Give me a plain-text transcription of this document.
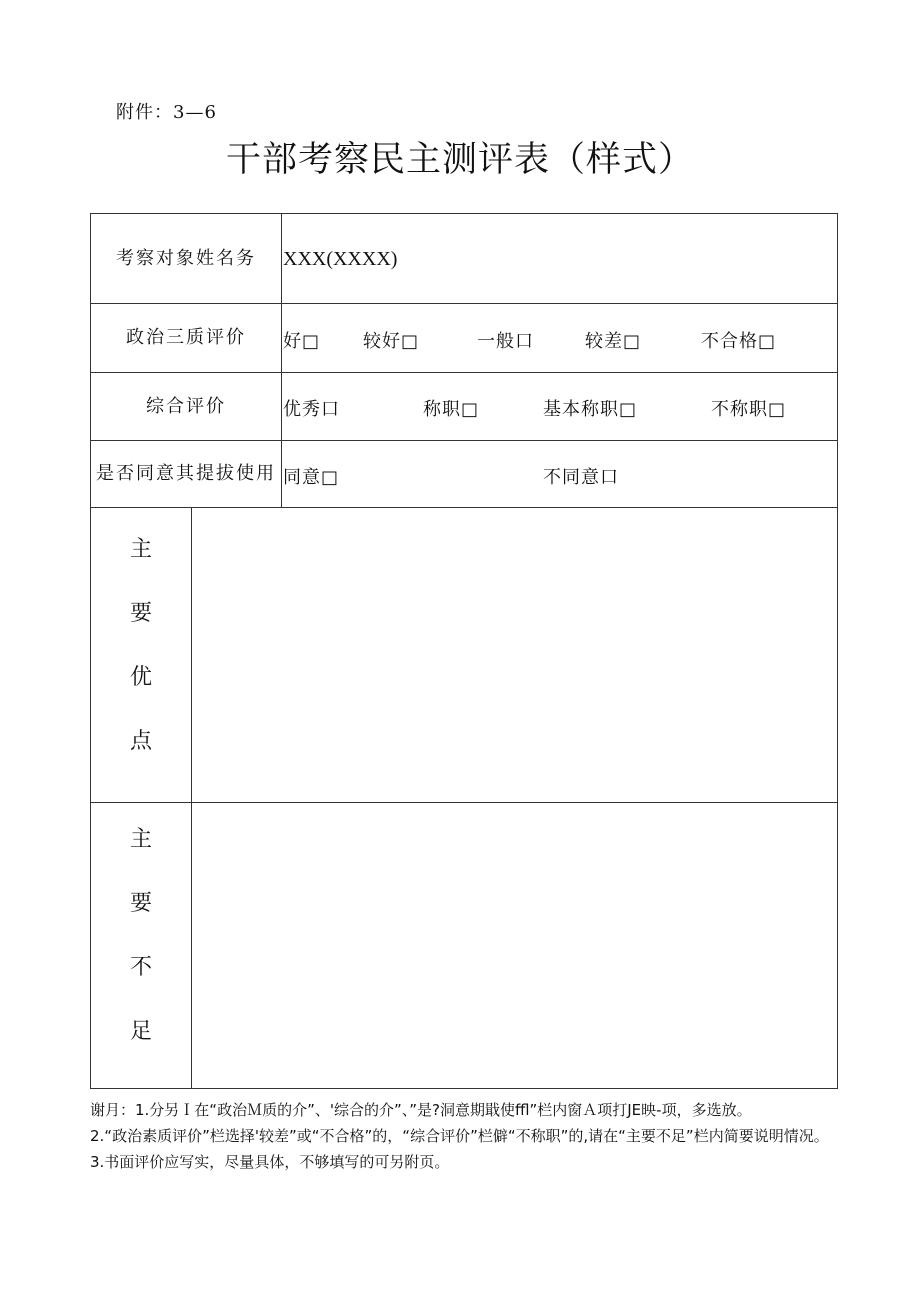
附件：3—6
干部考察民主测评表（样式）
考察对象姓名务	XXX(XXXX)
政治三质评价	好□ 较好□	一般口	较差□	不合格□
综合评价	优秀口	称职□	基本称职□	不称职□
是否同意其提拔使用 同意□	不同意口
主
要
优
点
主
要
不
足

谢月：1.分另Ｉ在“政治Ｍ质的介”、'综合的介”、”是?洞意期戢使ffl”栏内窗Ａ项打JE映-项，多选放。

2.“政治素质评价”栏选择'较差”或“不合格”的，“综合评价”栏僻“不称职”的,请在“主要不足”栏内简要说明情况。

3.书面评价应写实，尽量具体，不够填写的可另附页。
